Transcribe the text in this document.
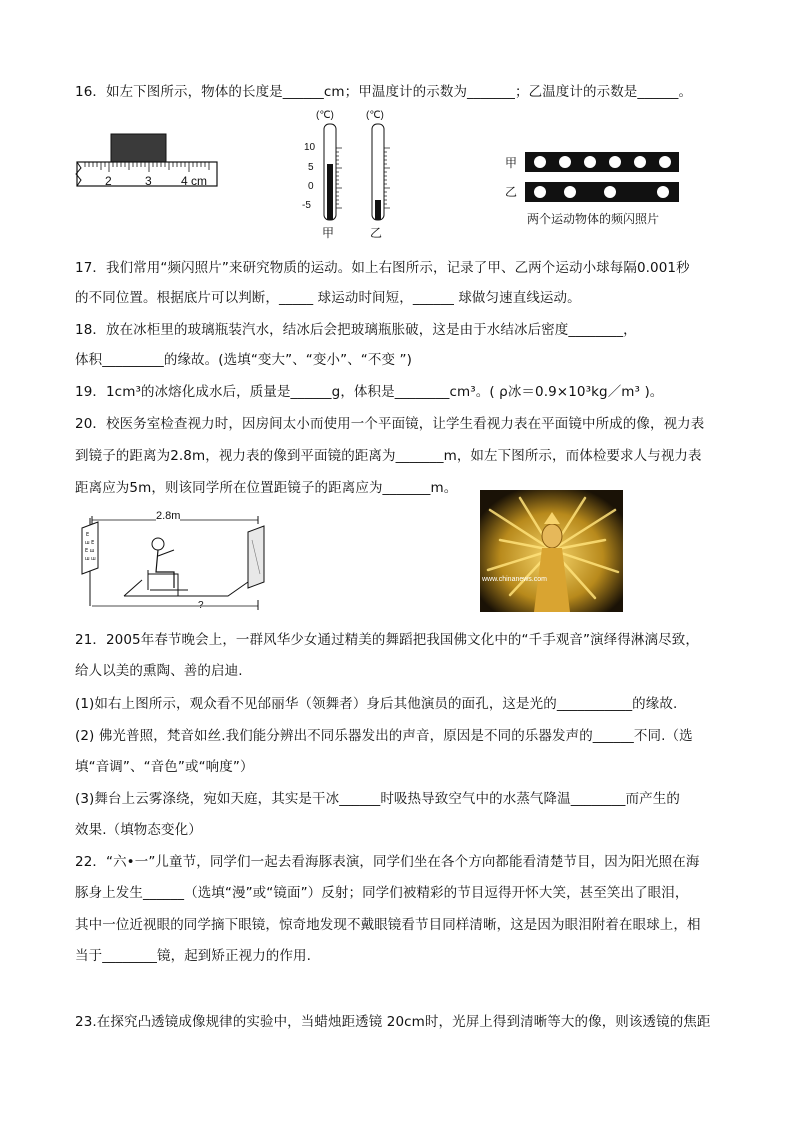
16．如左下图所示，物体的长度是______cm；甲温度计的示数为_______；乙温度计的示数是______。
2	3 4 cm
(℃)	(℃)
10
5
0
-5
甲	乙
甲
乙
两个运动物体的频闪照片
17．我们常用“频闪照片”来研究物质的运动。如上右图所示，记录了甲、乙两个运动小球每隔0.001秒
的不同位置。根据底片可以判断，_____ 球运动时间短，______ 球做匀速直线运动。
18．放在冰柜里的玻璃瓶装汽水，结冰后会把玻璃瓶胀破，这是由于水结冰后密度________，
体积_________的缘故。(选填“变大”、“变小”、“不变 ”)
19．1cm³的冰熔化成水后，质量是______g，体积是________cm³。( ρ冰＝0.9×10³kg／m³ )。
20．校医务室检查视力时，因房间太小而使用一个平面镜，让学生看视力表在平面镜中所成的像，视力表
到镜子的距离为2.8m，视力表的像到平面镜的距离为_______m，如左下图所示，而体检要求人与视力表
距离应为5m，则该同学所在位置距镜子的距离应为_______m。
E
ш E
E ш
ш ш
2.8m
?
www.chinanews.com
21．2005年春节晚会上，一群风华少女通过精美的舞蹈把我国佛文化中的“千手观音”演绎得淋漓尽致，
给人以美的熏陶、善的启迪.
(1)如右上图所示，观众看不见邰丽华（领舞者）身后其他演员的面孔，这是光的___________的缘故.
(2) 佛光普照，梵音如丝.我们能分辨出不同乐器发出的声音，原因是不同的乐器发声的______不同.（选
填“音调”、“音色”或“响度”）
(3)舞台上云雾涤绕，宛如天庭，其实是干冰______时吸热导致空气中的水蒸气降温________而产生的
效果.（填物态变化）
22．“六•一”儿童节，同学们一起去看海豚表演，同学们坐在各个方向都能看清楚节目，因为阳光照在海
豚身上发生______（选填“漫”或“镜面”）反射；同学们被精彩的节目逗得开怀大笑，甚至笑出了眼泪，
其中一位近视眼的同学摘下眼镜，惊奇地发现不戴眼镜看节目同样清晰，这是因为眼泪附着在眼球上，相
当于________镜，起到矫正视力的作用.
23.在探究凸透镜成像规律的实验中，当蜡烛距透镜 20cm时，光屏上得到清晰等大的像，则该透镜的焦距
